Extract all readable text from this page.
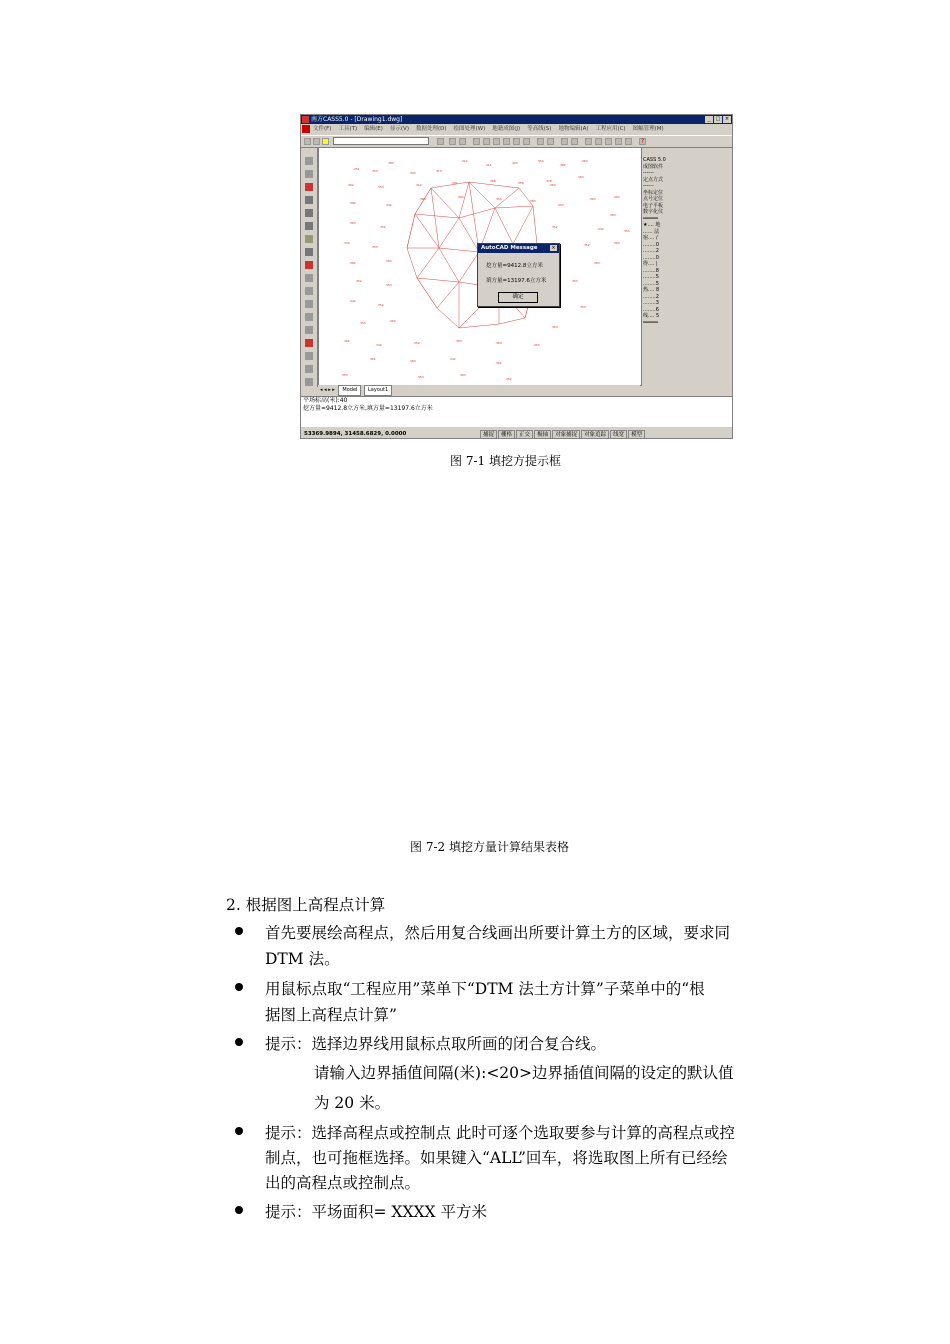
南方CASS5.0 - [Drawing1.dwg]	_	□ ×
文件(F) 工具(T) 编辑(E) 显示(V) 数据处理(D) 绘图处理(W) 地籍成图(J) 等高线(S) 地物编辑(A) 工程应用(C) 图幅管理(M)
?
·251	·353
·384
·343	·313
·312
·311	·403	·354
·382
·363
·362	·353	·312	·392	·368	·356	·378
·363
·382	·342
·383	·364	·353	·383
·353
·363	·354
·363
·352	·352
·363
·334
·353	·352	·363
·382	·364	·363
·352
·353
·353
·342
·352	·353
·353	·362
·363
·362
·344	·352	·363	·363	·353
·362	·363	·342
·362
·353	·353	·363
·352
·332	·353
·363
AutoCAD Message	×
挖方量=9412.8立方米
填方量=13197.6立方米
确定
◂ ◂ ▸ ▸ Model Layout1
CASS 5.0
成图软件
------
定点方式
------
坐标定位
点号定位
电子平板
数字化仪
═════
★.... 地
...... 法
宿.... /
........0
........2
........0
得.... |
........8
........5
........5
热.... 8
........2
........3
........6
线.... 5
═════
平场标高(米):40
挖方量=9412.8立方米,填方量=13197.6立方米
53369.9894, 31458.6829, 0.0000	捕捉	栅格	正交	极轴	对象捕捉	对象追踪	线宽	模型
图 7-1 填挖方提示框
图 7-2 填挖方量计算结果表格
2. 根据图上高程点计算
首先要展绘高程点，然后用复合线画出所要计算土方的区域，要求同
DTM 法。
用鼠标点取“工程应用”菜单下“DTM 法土方计算”子菜单中的“根
据图上高程点计算”
提示：选择边界线用鼠标点取所画的闭合复合线。
请输入边界插值间隔(米):<20>边界插值间隔的设定的默认值
为 20 米。
提示：选择高程点或控制点 此时可逐个选取要参与计算的高程点或控
制点，也可拖框选择。如果键入“ALL”回车，将选取图上所有已经绘
出的高程点或控制点。
提示：平场面积= XXXX 平方米
